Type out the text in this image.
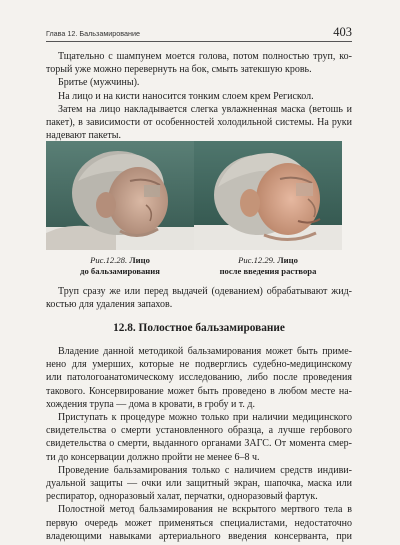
Глава 12. Бальзамирование	403

Тщательно с шампунем моется голова, потом полностью труп, ко-

торый уже можно перевернуть на бок, смыть затекшую кровь.

Бритье (мужчины).

На лицо и на кисти наносится тонким слоем крем Регискол.

Затем на лицо накладывается слегка увлажненная маска (ветошь и

пакет), в зависимости от особенностей холодильной системы. На руки

надевают пакеты.

Рис.12.28. Лицо
до бальзамирования
Рис.12.29. Лицо
после введения раствора

Труп сразу же или перед выдачей (одеванием) обрабатывают жид-

костью для удаления запахов.

12.8. Полостное бальзамирование

Владение данной методикой бальзамирования может быть приме-

нено для умерших, которые не подверглись судебно-медицинскому

или патологоанатомическому исследованию, либо после проведения

такового. Консервирование может быть проведено в любом месте на-

хождения трупа — дома в кровати, в гробу и т. д.

Приступать к процедуре можно только при наличии медицинского

свидетельства о смерти установленного образца, а лучше гербового

свидетельства о смерти, выданного органами ЗАГС. От момента смер-

ти до консервации должно пройти не менее 6–8 ч.

Проведение бальзамирования только с наличием средств индиви-

дуальной защиты — очки или защитный экран, шапочка, маска или

респиратор, одноразовый халат, перчатки, одноразовый фартук.

Полостной метод бальзамирования не вскрытого мертвого тела в

первую очередь может применяться специалистами, недостаточно

владеющими навыками артериального введения консерванта, при
